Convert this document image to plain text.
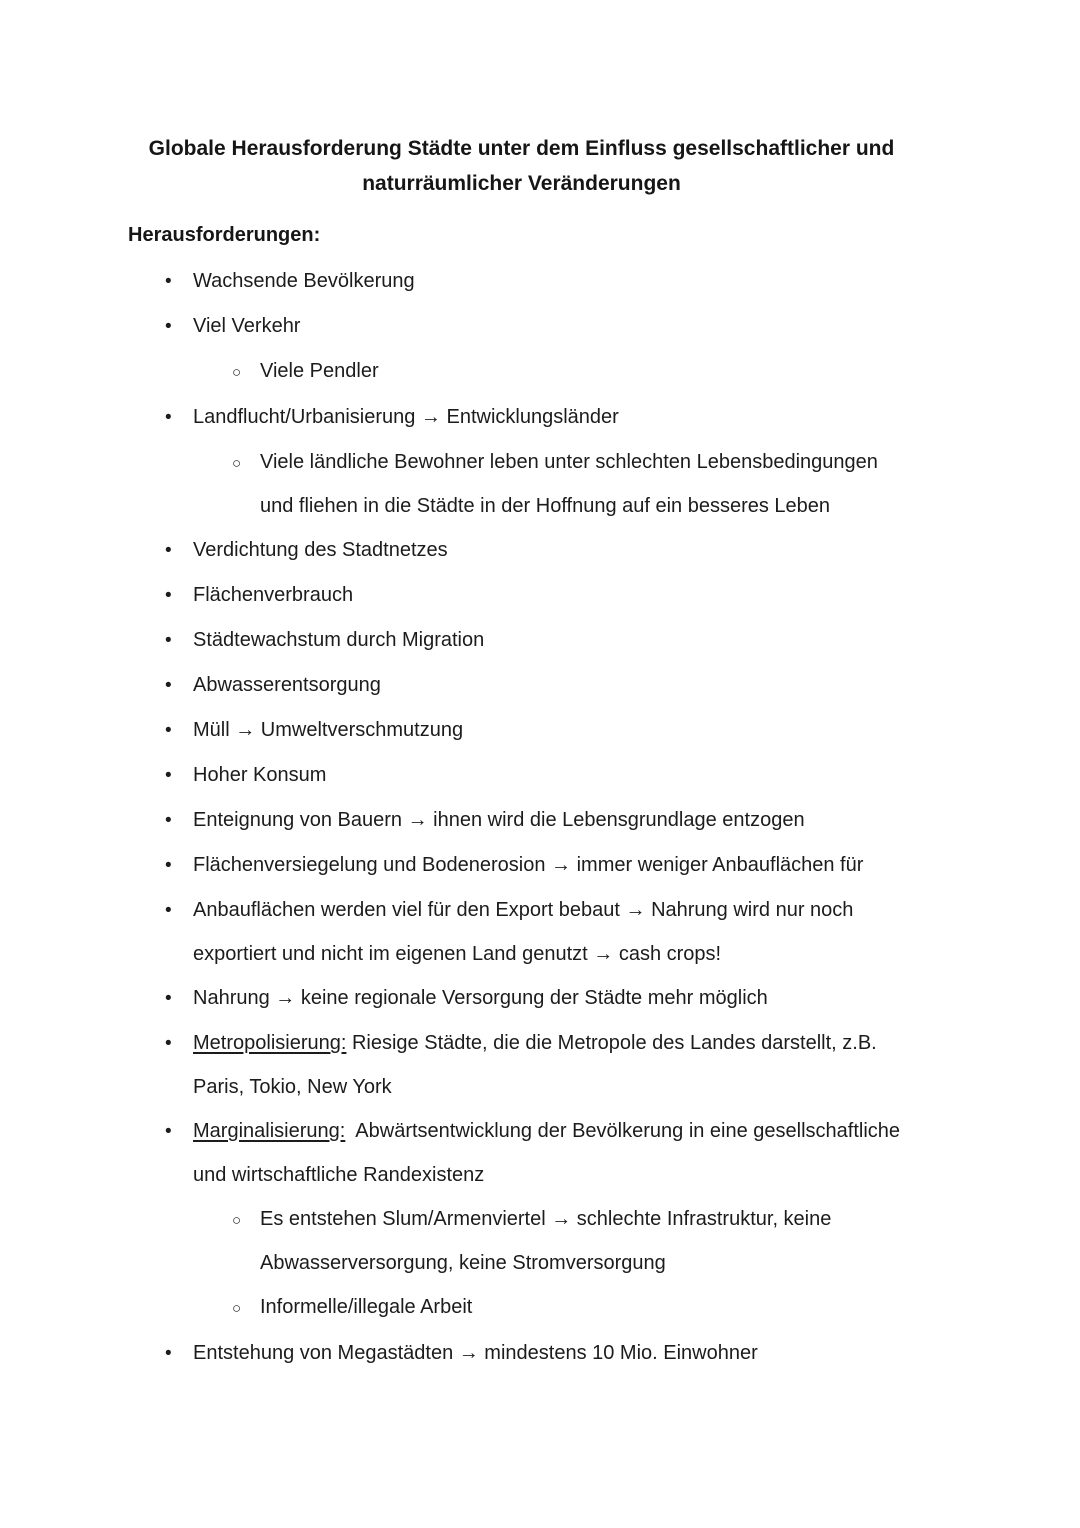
Globale Herausforderung Städte unter dem Einfluss gesellschaftlicher und
naturräumlicher Veränderungen
Herausforderungen:
•	Wachsende Bevölkerung
•	Viel Verkehr
○ Viele Pendler
•	Landflucht/Urbanisierung → Entwicklungsländer
○ Viele ländliche Bewohner leben unter schlechten Lebensbedingungen und fliehen in die Städte in der Hoffnung auf ein besseres Leben
•	Verdichtung des Stadtnetzes
•	Flächenverbrauch
•	Städtewachstum durch Migration
•	Abwasserentsorgung
•	Müll → Umweltverschmutzung
•	Hoher Konsum
•	Enteignung von Bauern → ihnen wird die Lebensgrundlage entzogen
•	Flächenversiegelung und Bodenerosion → immer weniger Anbauflächen für
•	Anbauflächen werden viel für den Export bebaut → Nahrung wird nur noch exportiert und nicht im eigenen Land genutzt → cash crops!
•	Nahrung → keine regionale Versorgung der Städte mehr möglich
•	Metropolisierung: Riesige Städte, die die Metropole des Landes darstellt, z.B. Paris, Tokio, New York
•	Marginalisierung:  Abwärtsentwicklung der Bevölkerung in eine gesellschaftliche und wirtschaftliche Randexistenz
○ Es entstehen Slum/Armenviertel → schlechte Infrastruktur, keine Abwasserversorgung, keine Stromversorgung
○ Informelle/illegale Arbeit
•	Entstehung von Megastädten → mindestens 10 Mio. Einwohner
